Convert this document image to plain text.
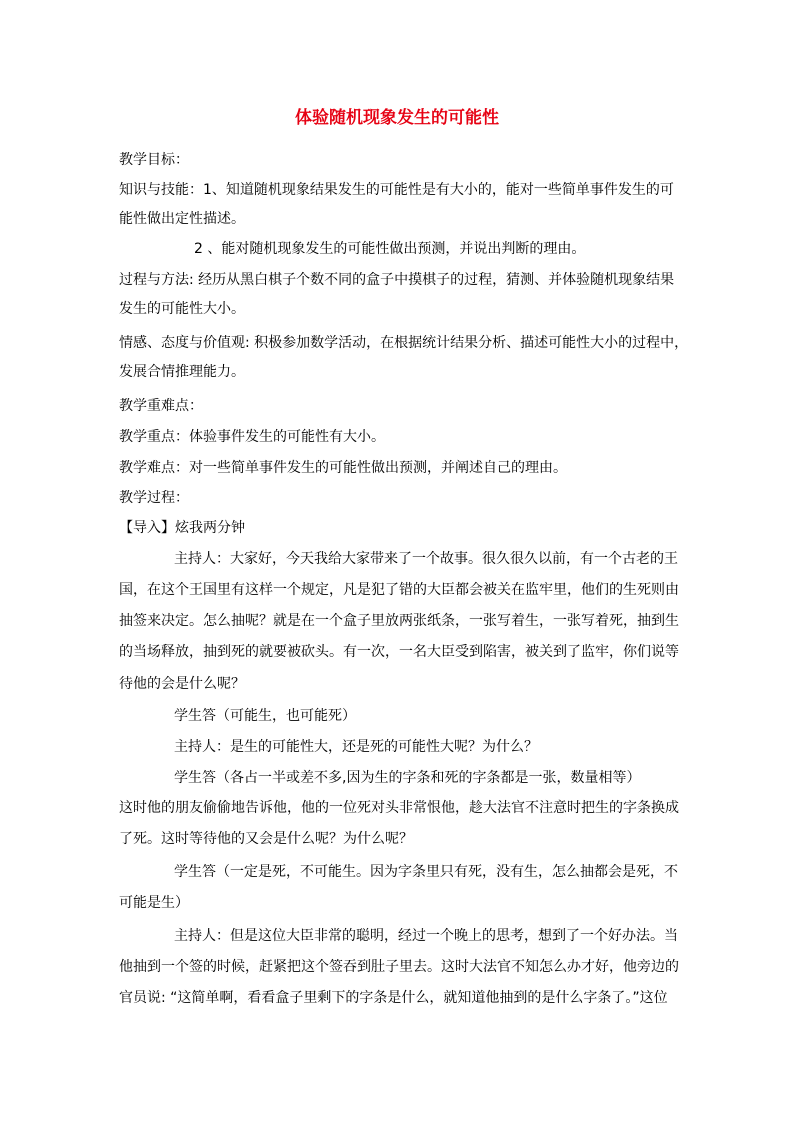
体验随机现象发生的可能性
教学目标：
知识与技能：1、知道随机现象结果发生的可能性是有大小的，能对一些简单事件发生的可
能性做出定性描述。
2 、能对随机现象发生的可能性做出预测，并说出判断的理由。
过程与方法: 经历从黑白棋子个数不同的盒子中摸棋子的过程，猜测、并体验随机现象结果
发生的可能性大小。
情感、态度与价值观: 积极参加数学活动，在根据统计结果分析、描述可能性大小的过程中，
发展合情推理能力。
教学重难点：
教学重点：体验事件发生的可能性有大小。
教学难点：对一些简单事件发生的可能性做出预测，并阐述自己的理由。
教学过程：
【导入】炫我两分钟
主持人：大家好，今天我给大家带来了一个故事。很久很久以前，有一个古老的王
国，在这个王国里有这样一个规定，凡是犯了错的大臣都会被关在监牢里，他们的生死则由
抽签来决定。怎么抽呢？就是在一个盒子里放两张纸条，一张写着生，一张写着死，抽到生
的当场释放，抽到死的就要被砍头。有一次，一名大臣受到陷害，被关到了监牢，你们说等
待他的会是什么呢？
学生答（可能生，也可能死）
主持人：是生的可能性大，还是死的可能性大呢？为什么？
学生答（各占一半或差不多,因为生的字条和死的字条都是一张，数量相等）
这时他的朋友偷偷地告诉他，他的一位死对头非常恨他，趁大法官不注意时把生的字条换成
了死。这时等待他的又会是什么呢？为什么呢？
学生答（一定是死，不可能生。因为字条里只有死，没有生，怎么抽都会是死，不
可能是生）
主持人：但是这位大臣非常的聪明，经过一个晚上的思考，想到了一个好办法。当
他抽到一个签的时候，赶紧把这个签吞到肚子里去。这时大法官不知怎么办才好，他旁边的
官员说: “这简单啊，看看盒子里剩下的字条是什么，就知道他抽到的是什么字条了。”这位
